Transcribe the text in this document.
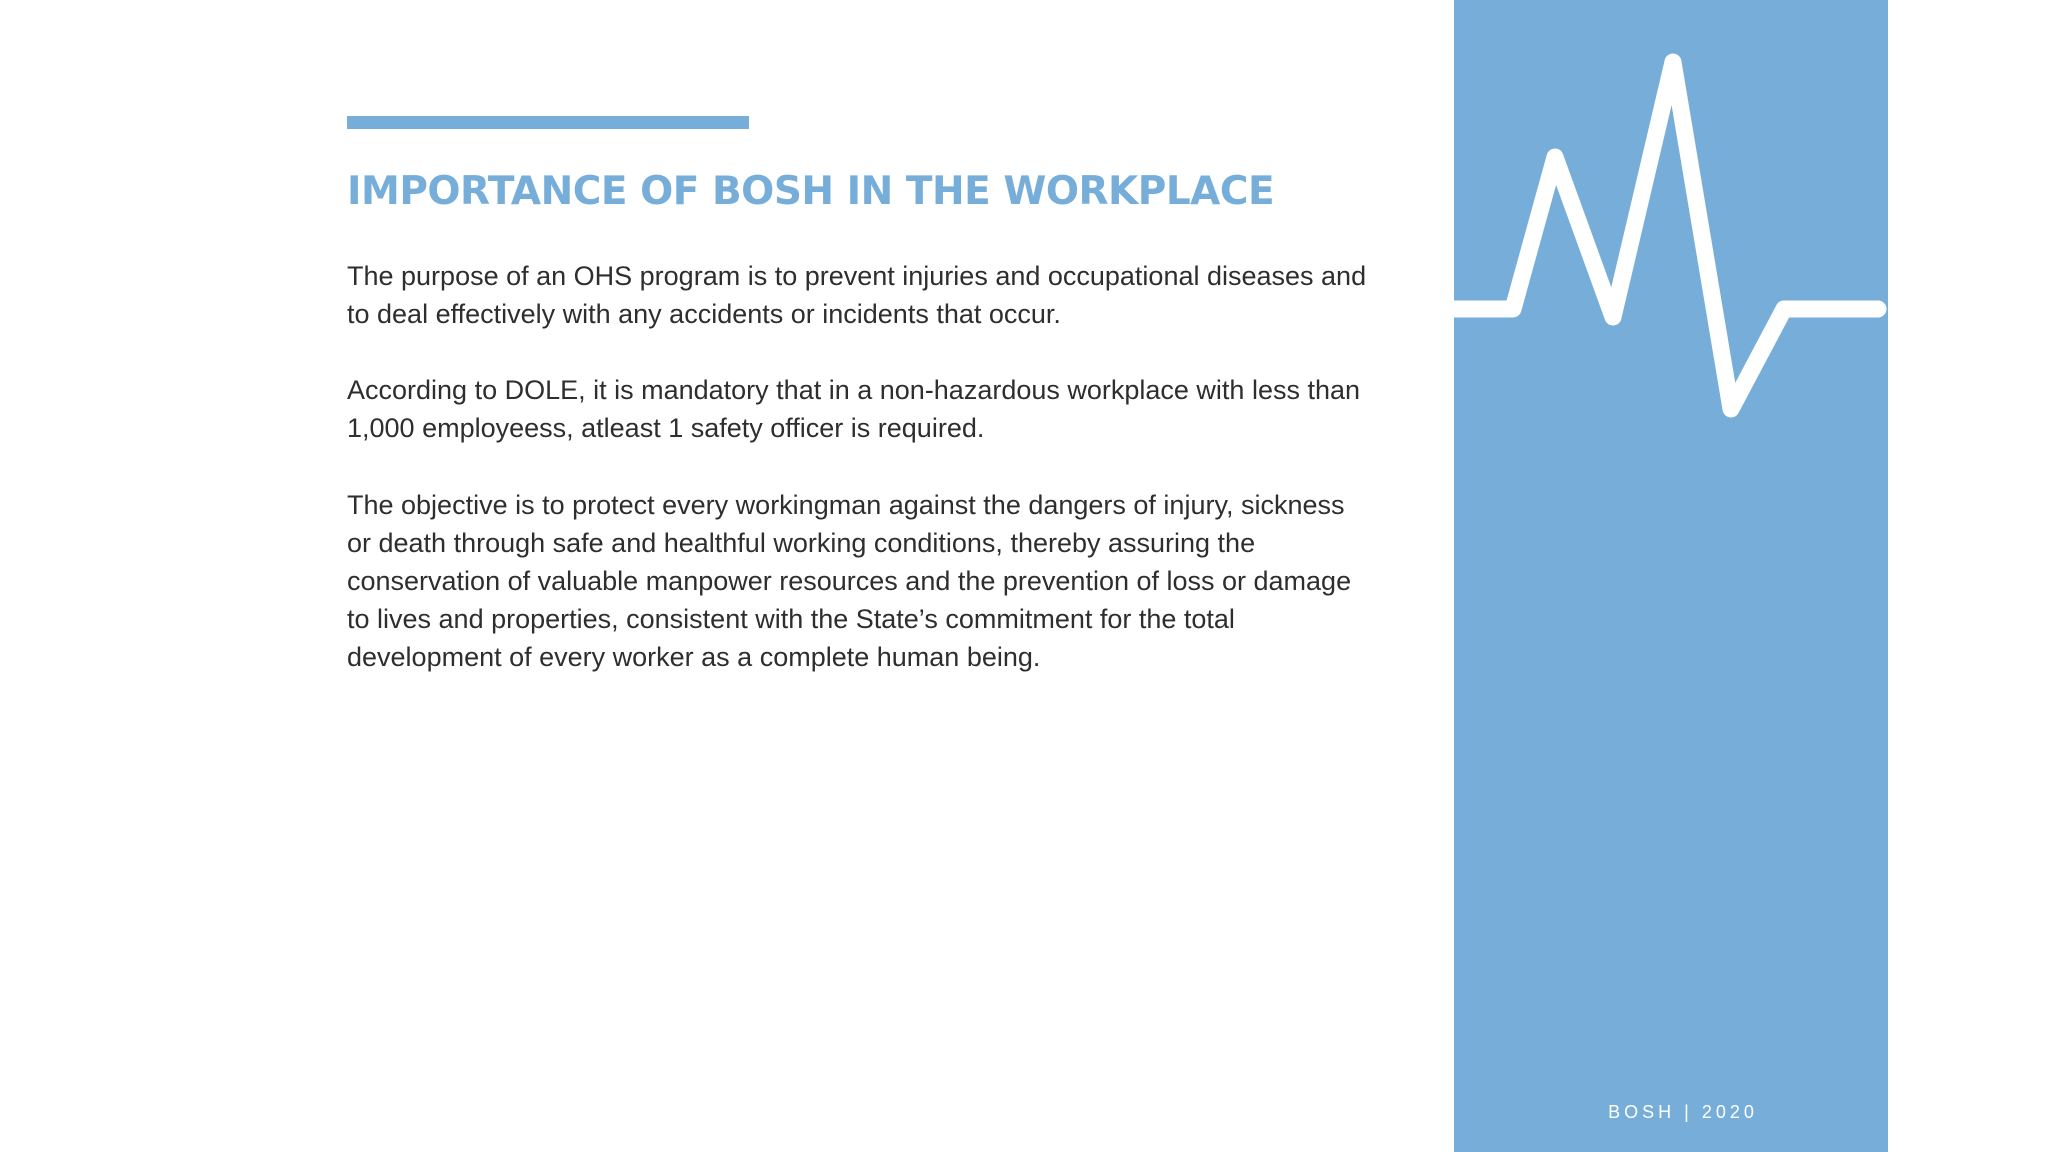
IMPORTANCE OF BOSH IN THE WORKPLACE

The purpose of an OHS program is to prevent injuries and occupational diseases and to deal effectively with any accidents or incidents that occur.

According to DOLE, it is mandatory that in a non-hazardous workplace with less than 1,000 employeess, atleast 1 safety officer is required.

The objective is to protect every workingman against the dangers of injury, sickness or death through safe and healthful working conditions, thereby assuring the conservation of valuable manpower resources and the prevention of loss or damage to lives and properties, consistent with the State’s commitment for the total development of every worker as a complete human being.

BOSH | 2020
